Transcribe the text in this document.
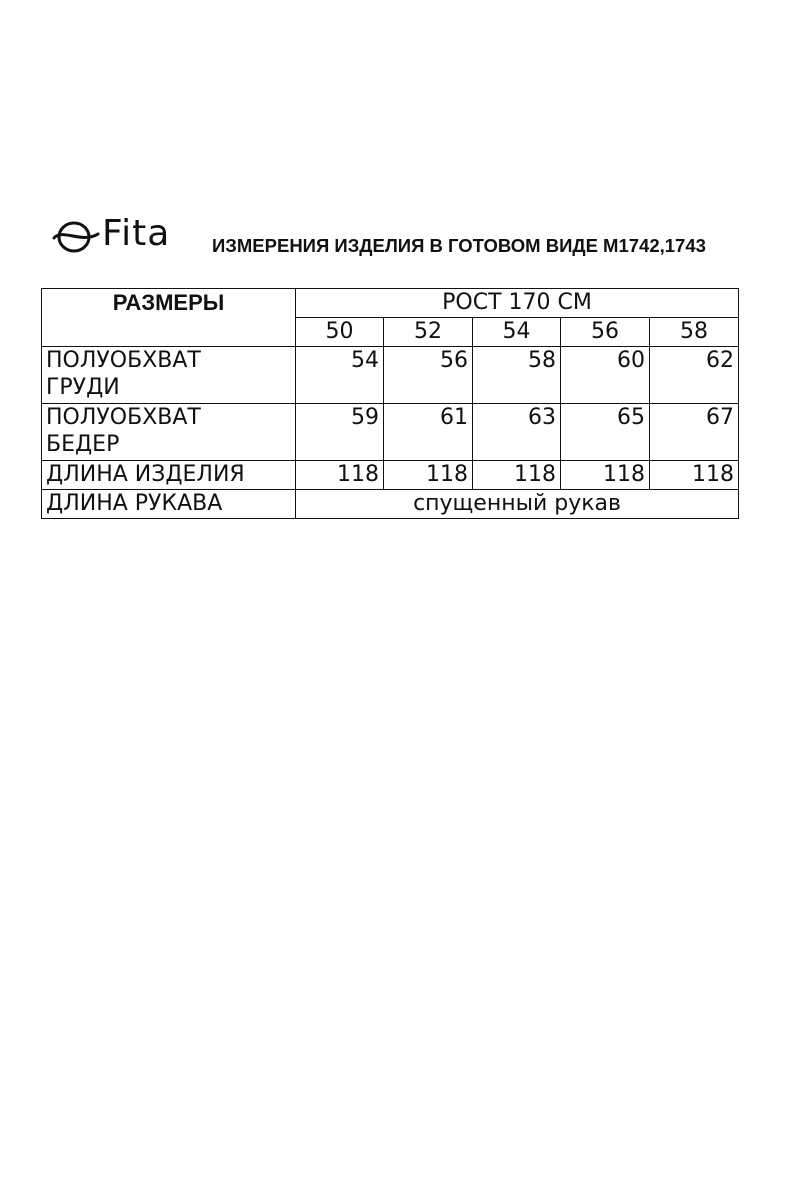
Fita ИЗМЕРЕНИЯ ИЗДЕЛИЯ В ГОТОВОМ ВИДЕ М1742,1743
РАЗМЕРЫ	РОСТ 170 СМ				
	50	52	54	56	58

ПОЛУОБХВАТ
ГРУДИ	54	56	58	60	62

ПОЛУОБХВАТ
БЕДЕР	59	61	63	65	67
ДЛИНА ИЗДЕЛИЯ	118	118	118	118	118
ДЛИНА РУКАВА	спущенный рукав				
